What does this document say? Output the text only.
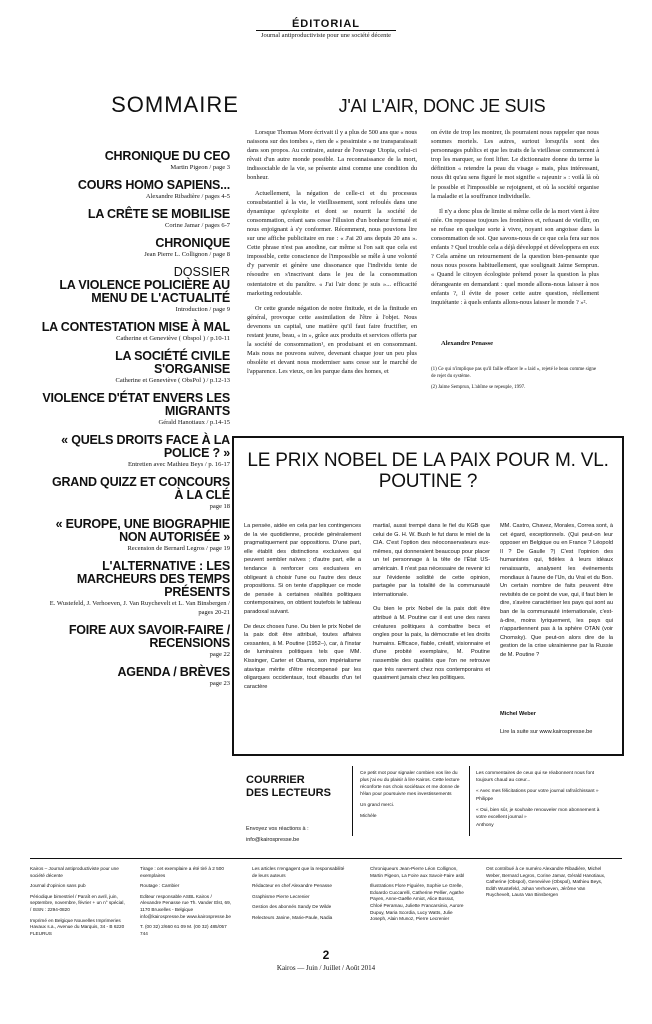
ÉDITORIAL
Journal antiproductiviste pour une société décente
SOMMAIRE
CHRONIQUE DU CEO
Martin Pigeon / page 3
COURS HOMO SAPIENS...
Alexandre Ribadière / pages 4-5
LA CRÊTE SE MOBILISE
Corine Jamar / pages 6-7
CHRONIQUE
Jean Pierre L. Collignon / page 8
DOSSIER
LA VIOLENCE POLICIÈRE AU MENU DE L'ACTUALITÉ
Introduction / page 9
LA CONTESTATION MISE À MAL
Catherine et Geneviève ( Obspol ) / p.10-11
LA SOCIÉTÉ CIVILE S'ORGANISE
Catherine et Geneviève ( ObsPol ) / p.12-13
VIOLENCE D'ÉTAT ENVERS LES MIGRANTS
Gérald Hanotiaux / p.14-15
« QUELS DROITS FACE À LA POLICE ? »
Entretien avec Mathieu Beys / p. 16-17
GRAND QUIZZ ET CONCOURS À LA CLÉ
page 18
« EUROPE, UNE BIOGRAPHIE NON AUTORISÉE »
Recension de Bernard Legros / page 19
L'ALTERNATIVE : LES MARCHEURS DES TEMPS PRÉSENTS
E. Wustefeld, J. Verhoeven, J. Van Ruychevelt et L. Van Binsbergen / pages 20-21
FOIRE AUX SAVOIR-FAIRE / RECENSIONS
page 22
AGENDA / BRÈVES
page 23
J'AI L'AIR, DONC JE SUIS

Lorsque Thomas More écrivait il y a plus de 500 ans que « nous naissons sur des tombes », rien de « pessimiste » ne transparaissait dans son propos. Au contraire, auteur de l'ouvrage Utopia, celui-ci rêvait d'un autre monde possible. La reconnaissance de la mort, indissociable de la vie, se présente ainsi comme une condition du bonheur.

Actuellement, la négation de celle-ci et du processus consubstantiel à la vie, le vieillissement, sont refoulés dans une dynamique qu'exploite et dont se nourrit la société de consommation, créant sans cesse l'illusion d'un bonheur formaté et nous enjoignant à s'y conformer. Récemment, nous pouvions lire sur une affiche publicitaire en rue : « J'ai 20 ans depuis 20 ans ». Cette phrase n'est pas anodine, car même si l'on sait que cela est impossible, cette conscience de l'impossible se mêle à une volonté d'y parvenir et génère une dissonance que l'individu tente de résoudre en s'inscrivant dans le jeu de la consommation ostentatoire et du paraître. « J'ai l'air donc je suis »... efficacité marketing redoutable.

Or cette grande négation de notre finitude, et de la finitude en général, provoque cette assimilation de l'être à l'objet. Nous devenons un capital, une matière qu'il faut faire fructifier, en restant jeune, beau, « in », grâce aux produits et services offerts par la société de consommation¹, en produisant et en consommant. Mais nous ne pouvons suivre, devenant chaque jour un peu plus obsolète et devant nous moderniser sans cesse sur le marché de l'apparence. Les vieux, on les parque dans des homes, et

on évite de trop les montrer, ils pourraient nous rappeler que nous sommes mortels. Les autres, surtout lorsqu'ils sont des personnages publics et que les traits de la vieillesse commencent à trop les marquer, se font lifter. Le dictionnaire donne du terme la définition « retendre la peau du visage » mais, plus intéressant, nous dit qu'au sens figuré le mot signifie « rajeunir » : voilà là où le possible et l'impossible se rejoignent, et où la société organise la maladie et la souffrance individuelle.

Il n'y a donc plus de limite si même celle de la mort vient à être niée. On repousse toujours les frontières et, refusant de vieillir, on se refuse en quelque sorte à vivre, noyant son angoisse dans la consommation de soi. Que savons-nous de ce que cela fera sur nos enfants ? Quel trouble cela a déjà développé et développera en eux ? Cela amène un retournement de la question bien-pensante que nous nous posons habituellement, que soulignait Jaime Semprun. « Quand le citoyen écologiste prétend poser la question la plus dérangeante en demandant : quel monde allons-nous laisser à nos enfants ?, il évite de poser cette autre question, réellement inquiétante : à quels enfants allons-nous laisser le monde ? »².

Alexandre Penasse
(1) Ce qui n'implique pas qu'il faille effacer le « laid », rejeté le beau comme signe de rejet du système.
(2) Jaime Semprun, L'abîme se repeuple, 1997.
LE PRIX NOBEL DE LA PAIX POUR M. VL. POUTINE ?

La pensée, aidée en cela par les contingences de la vie quotidienne, procède généralement pragmatiquement par oppositions. D'une part, elle établit des distinctions exclusives qui peuvent sembler naïves ; d'autre part, elle a tendance à renforcer ces exclusives en obligeant à choisir l'une ou l'autre des deux propositions. Si on tente d'appliquer ce mode de pensée à certaines réalités politiques contemporaines, on obtient toutefois le tableau paradoxal suivant.

De deux choses l'une. Ou bien le prix Nobel de la paix doit être attribué, toutes affaires cessantes, à M. Poutine (1952–), car, à l'instar de luminaires politiques tels que MM. Kissinger, Carter et Obama, son impérialisme atavique mérite d'être récompensé par les oligarques occidentaux, tout ébaudis d'un tel caractère

martial, aussi trempé dans le fiel du KGB que celui de G. H. W. Bush le fut dans le miel de la CIA. C'est l'option des néoconservateurs eux-mêmes, qui donneraient beaucoup pour placer un tel personnage à la tête de l'État US-américain. Il n'est pas nécessaire de revenir ici sur l'évidente solidité de cette opinion, partagée par la totalité de la communauté internationale.

Ou bien le prix Nobel de la paix doit être attribué à M. Poutine car il est une des rares créatures politiques à combattre becs et ongles pour la paix, la démocratie et les droits humains. Efficace, fiable, créatif, visionnaire et d'une probité exemplaire, M. Poutine rassemble des qualités que l'on ne retrouve que très rarement chez nos contemporains et quasiment jamais chez les politiques.

MM. Castro, Chavez, Morales, Correa sont, à cet égard, exceptionnels. (Qui peut-on leur opposer en Belgique ou en France ? Léopold II ? De Gaulle ?) C'est l'opinion des humanistes qui, fidèles à leurs idéaux renaissants, analysent les événements mondiaux à l'aune de l'Un, du Vrai et du Bon. Un certain nombre de faits peuvent être revisités de ce point de vue, qui, il faut bien le dire, s'avère caractériser les pays qui sont au ban de la communauté internationale, c'est-à-dire, moins lyriquement, les pays qui n'appartiennent pas à la sphère OTAN (voir Chomsky). Que peut-on alors dire de la gestion de la crise ukrainienne par la Russie de M. Poutine ?

Michel Weber
Lire la suite sur www.kairospresse.be
COURRIER
DES LECTEURS

Envoyez vos réactions à :

info@kairospresse.be

Ce petit mot pour signaler combien vos lire du plus j'ai eu du plaisir à lire Kairos. Cette lecture réconforte nos choix sociétaux et me donne de l'élan pour poursuivre mes investissements

Un grand merci.

Michèle

Les commentaires de ceux qui se réabonnent nous font toujours chaud au cœur...

« Avec mes félicitations pour votre journal rafraîchissant »

Philippe

« Oui, bien sûr, je souhaite renouveler mon abonnement à votre excellent journal »

Anthony

Kairos – Journal antiproductiviste pour une société décente

Journal d'opinion sans pub

Périodique bimestriel / Paraît en avril, juin, septembre, novembre, février + un n° spécial, / ISSN : 2294-0820

Imprimé en Belgique Nouvelles Imprimeries Havaux s.a., Avenue du Marquis, 34 - B 6220 FLEURUS

Tirage : cet exemplaire a été tiré à 2 500 exemplaires

Routage : Cambier

Editeur responsable ASBL Kairos / Alexandre Penasse rue Th. Vander Elst, 69, 1170 Bruxelles - Belgique info@kairospresse.be www.kairospresse.be

T. (00 32) 2/660 61 09 M. (00 32) 485/057 744

Les articles n'engagent que la responsabilité de leurs auteurs

Rédacteur en chef Alexandre Penasse

Graphisme Pierre Lecrenier

Gestion des abonnés Sandy De Wilde

Relecteurs Janine, Marie-Paule, Nadia

Chroniqueurs Jean-Pierre Léon Collignon, Martin Pigeon, La Foire aux Savoir-Faire asbl

Illustrations Flore Figuière, Sophie Le Grelle, Edoardo Cuccarelli, Catherine Pellier, Agathe Payen, Anne-Gaëlle Amiot, Alice Bossut, Chloé Peramau, Juliette Francarsinio, Aurore Dupuy, Maria Scordia, Lucy Watts, Julie Joseph, Alain Munoz, Pierre Lecrenier

Ont contribué à ce numéro Alexandre Ribadière, Michel Weber, Bernard Legros, Corine Jamar, Gérald Hanotiaux, Catherine (Obspol), Geneviève (Obspol), Mathieu Beys, Edith Wustefeld, Johan Verhoeven, Jérôme Van Ruychevelt, Laura Van Binsbergen

2
Kairos — Juin / Juillet / Août 2014
